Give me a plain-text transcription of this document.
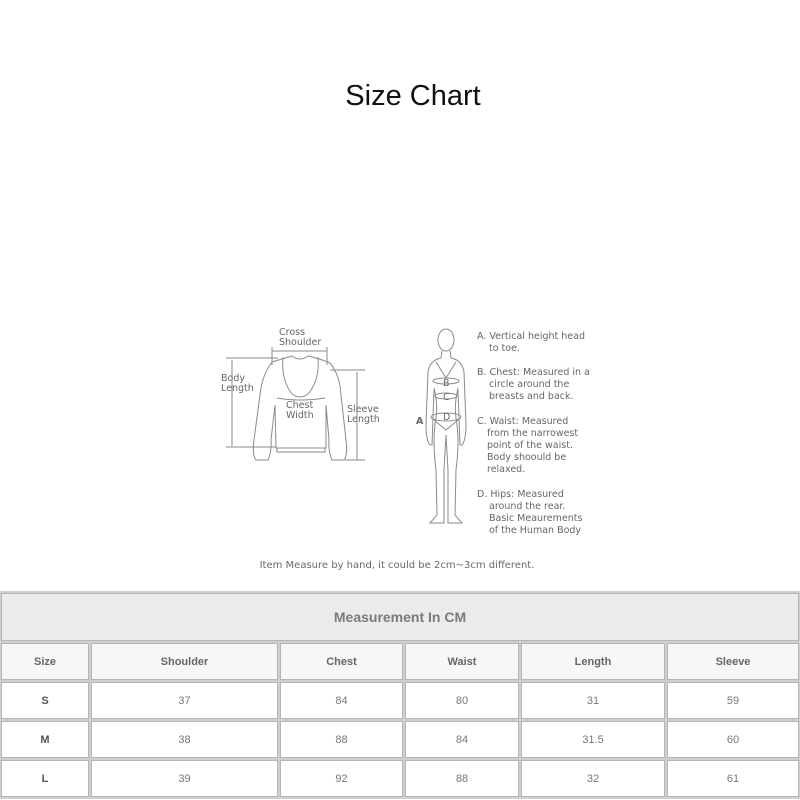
Size Chart
Cross
Shoulder
Body
Length
Chest
Width
Sleeve
Length	A
B
C
D
A. Vertical height head
to toe.
B. Chest: Measured in a
circle around the
breasts and back.
C. Waist: Measured
from the narrowest
point of the waist.
Body shoould be
relaxed.
D. Hips: Measured
around the rear.
Basic Meaurements
of the Human Body
Item Measure by hand, it could be 2cm~3cm different.
Measurement In CM					
Size	Shoulder	Chest	Waist	Length	Sleeve
S	37	84	80	31	59
M	38	88	84	31.5	60
L	39	92	88	32	61
